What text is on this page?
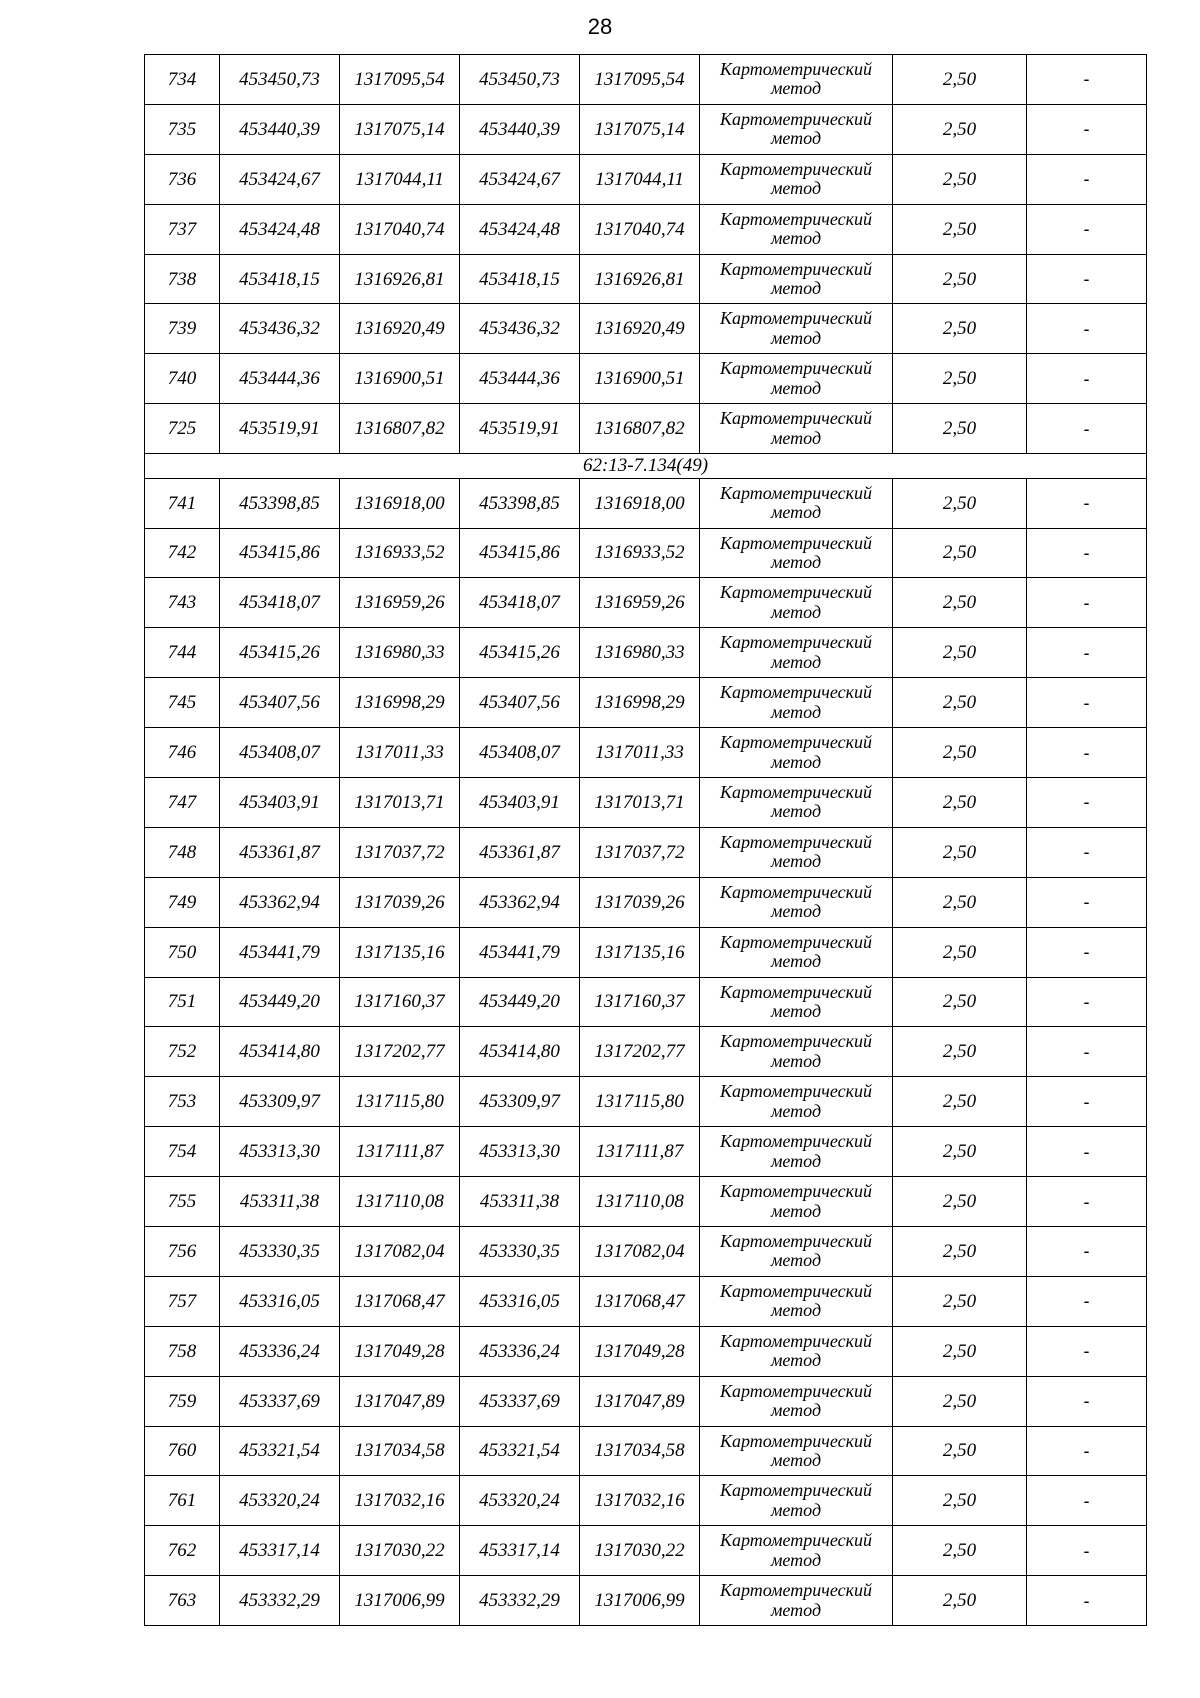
28
734	453450,73	1317095,54	453450,73	1317095,54	Картометрический метод	2,50	-
735	453440,39	1317075,14	453440,39	1317075,14	Картометрический метод	2,50	-
736	453424,67	1317044,11	453424,67	1317044,11	Картометрический метод	2,50	-
737	453424,48	1317040,74	453424,48	1317040,74	Картометрический метод	2,50	-
738	453418,15	1316926,81	453418,15	1316926,81	Картометрический метод	2,50	-
739	453436,32	1316920,49	453436,32	1316920,49	Картометрический метод	2,50	-
740	453444,36	1316900,51	453444,36	1316900,51	Картометрический метод	2,50	-
725	453519,91	1316807,82	453519,91	1316807,82	Картометрический метод	2,50	-
62:13-7.134(49)							
741	453398,85	1316918,00	453398,85	1316918,00	Картометрический метод	2,50	-
742	453415,86	1316933,52	453415,86	1316933,52	Картометрический метод	2,50	-
743	453418,07	1316959,26	453418,07	1316959,26	Картометрический метод	2,50	-
744	453415,26	1316980,33	453415,26	1316980,33	Картометрический метод	2,50	-
745	453407,56	1316998,29	453407,56	1316998,29	Картометрический метод	2,50	-
746	453408,07	1317011,33	453408,07	1317011,33	Картометрический метод	2,50	-
747	453403,91	1317013,71	453403,91	1317013,71	Картометрический метод	2,50	-
748	453361,87	1317037,72	453361,87	1317037,72	Картометрический метод	2,50	-
749	453362,94	1317039,26	453362,94	1317039,26	Картометрический метод	2,50	-
750	453441,79	1317135,16	453441,79	1317135,16	Картометрический метод	2,50	-
751	453449,20	1317160,37	453449,20	1317160,37	Картометрический метод	2,50	-
752	453414,80	1317202,77	453414,80	1317202,77	Картометрический метод	2,50	-
753	453309,97	1317115,80	453309,97	1317115,80	Картометрический метод	2,50	-
754	453313,30	1317111,87	453313,30	1317111,87	Картометрический метод	2,50	-
755	453311,38	1317110,08	453311,38	1317110,08	Картометрический метод	2,50	-
756	453330,35	1317082,04	453330,35	1317082,04	Картометрический метод	2,50	-
757	453316,05	1317068,47	453316,05	1317068,47	Картометрический метод	2,50	-
758	453336,24	1317049,28	453336,24	1317049,28	Картометрический метод	2,50	-
759	453337,69	1317047,89	453337,69	1317047,89	Картометрический метод	2,50	-
760	453321,54	1317034,58	453321,54	1317034,58	Картометрический метод	2,50	-
761	453320,24	1317032,16	453320,24	1317032,16	Картометрический метод	2,50	-
762	453317,14	1317030,22	453317,14	1317030,22	Картометрический метод	2,50	-
763	453332,29	1317006,99	453332,29	1317006,99	Картометрический метод	2,50	-
